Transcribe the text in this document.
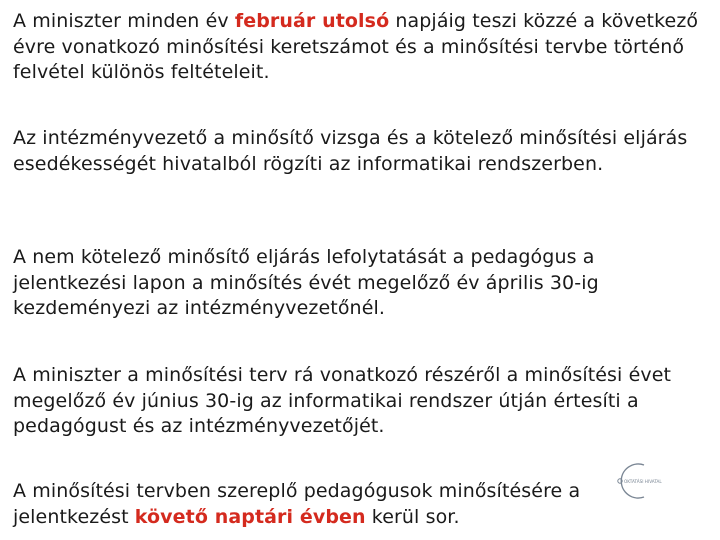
A miniszter minden év február utolsó napjáig teszi közzé a következő évre vonatkozó minősítési keretszámot és a minősítési tervbe történő felvétel különös feltételeit.

Az intézményvezető a minősítő vizsga és a kötelező minősítési eljárás esedékességét hivatalból rögzíti az informatikai rendszerben.

A nem kötelező minősítő eljárás lefolytatását a pedagógus a jelentkezési lapon a minősítés évét megelőző év április 30-ig kezdeményezi az intézményvezetőnél.

A miniszter a minősítési terv rá vonatkozó részéről a minősítési évet megelőző év június 30-ig az informatikai rendszer útján értesíti a pedagógust és az intézményvezetőjét.

A minősítési tervben szereplő pedagógusok minősítésére a jelentkezést követő naptári évben kerül sor.

OKTATÁSI HIVATAL
